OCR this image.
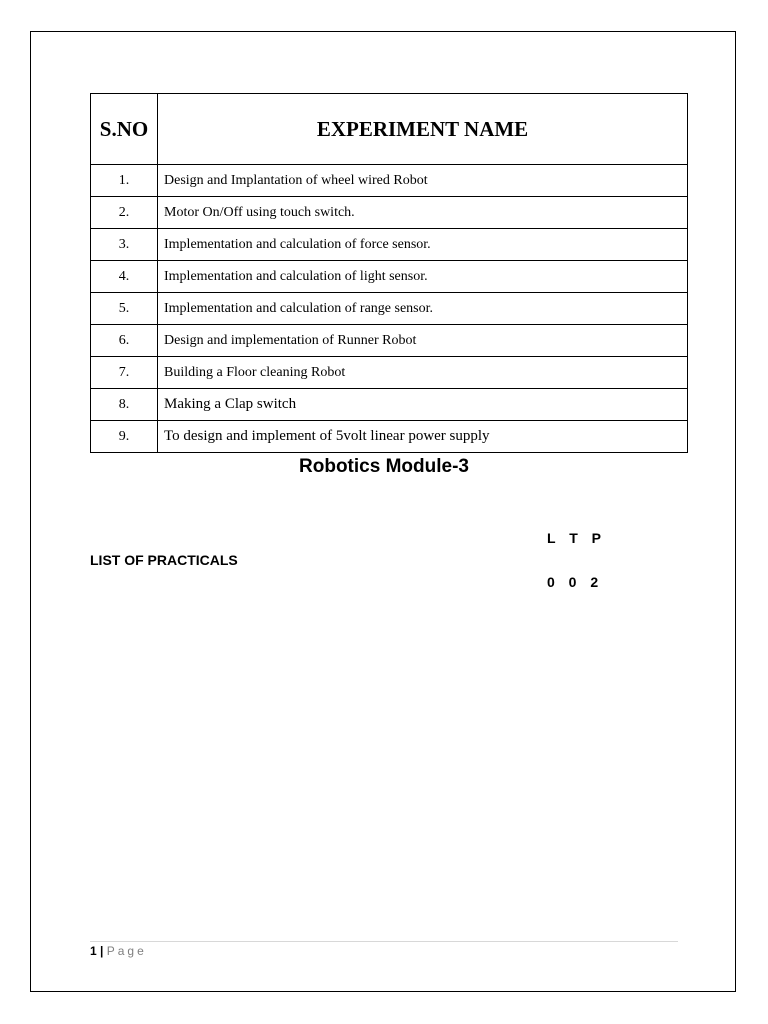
S.NO	EXPERIMENT NAME
1.	Design and Implantation of wheel wired Robot
2.	Motor On/Off using touch switch.
3.	Implementation and calculation of force sensor.
4.	Implementation and calculation of light sensor.
5.	Implementation and calculation of range sensor.
6.	Design and implementation of Runner Robot
7.	Building a Floor cleaning Robot
8.	Making a Clap switch
9.	To design and implement of 5volt linear power supply
Robotics Module-3
L T P
0 0 2
LIST OF PRACTICALS
1 | Page
